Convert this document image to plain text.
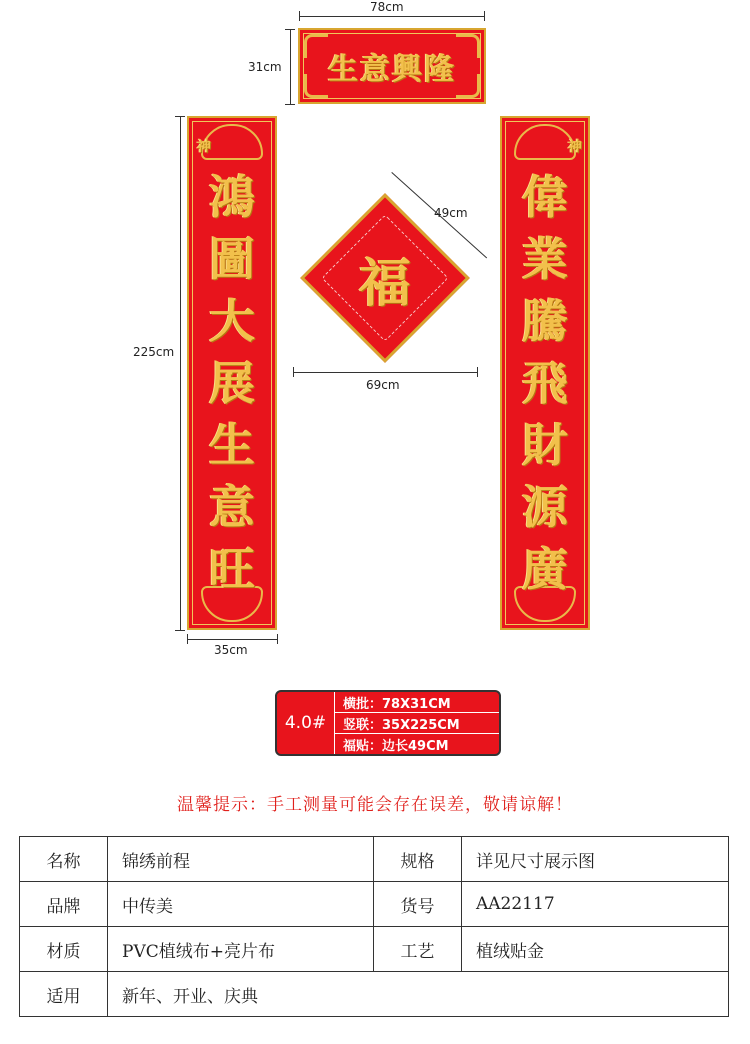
78cm
31cm	生意興隆
225cm
神
鴻
圖
大
展
生
意
旺
35cm
神
偉
業
騰
飛
財
源
廣
福
49cm
69cm
4.0#
横批：78X31CM
竖联：35X225CM
福贴：边长49CM
温馨提示：手工测量可能会存在误差，敬请谅解！
名称	锦绣前程	规格	详见尺寸展示图
品牌	中传美	货号	AA22117
材质	PVC植绒布+亮片布	工艺	植绒贴金
适用	新年、开业、庆典		
